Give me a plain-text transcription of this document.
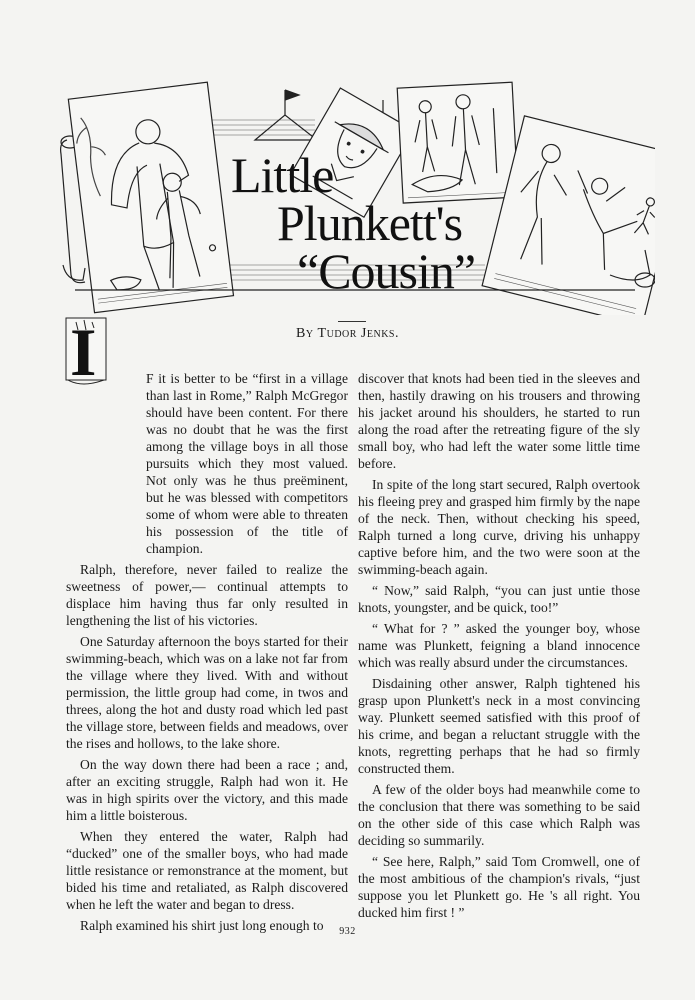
Little
Plunkett's
“Cousin”
By Tudor Jenks.
I	F it is better to be “first in a village than last in Rome,” Ralph McGregor should have been content. For there was no doubt that he was the first among the village boys in all those pursuits which they most valued. Not only was he thus preëminent, but he was blessed with competitors some of whom were able to threaten his possession of the title of champion.

Ralph, therefore, never failed to realize the sweetness of power,— continual attempts to displace him having thus far only resulted in lengthening the list of his victories.

One Saturday afternoon the boys started for their swimming-beach, which was on a lake not far from the village where they lived. With and without permission, the little group had come, in twos and threes, along the hot and dusty road which led past the village store, between fields and meadows, over the rises and hollows, to the lake shore.

On the way down there had been a race ; and, after an exciting struggle, Ralph had won it. He was in high spirits over the victory, and this made him a little boisterous.

When they entered the water, Ralph had “ducked” one of the smaller boys, who had made little resistance or remonstrance at the moment, but bided his time and retaliated, as Ralph discovered when he left the water and began to dress.

Ralph examined his shirt just long enough to

discover that knots had been tied in the sleeves and then, hastily drawing on his trousers and throwing his jacket around his shoulders, he started to run along the road after the retreating figure of the sly small boy, who had left the water some little time before.

In spite of the long start secured, Ralph overtook his fleeing prey and grasped him firmly by the nape of the neck. Then, without checking his speed, Ralph turned a long curve, driving his unhappy captive before him, and the two were soon at the swimming-beach again.

“ Now,” said Ralph, “you can just untie those knots, youngster, and be quick, too!”

“ What for ? ” asked the younger boy, whose name was Plunkett, feigning a bland innocence which was really absurd under the circumstances.

Disdaining other answer, Ralph tightened his grasp upon Plunkett's neck in a most convincing way. Plunkett seemed satisfied with this proof of his crime, and began a reluctant struggle with the knots, regretting perhaps that he had so firmly constructed them.

A few of the older boys had meanwhile come to the conclusion that there was something to be said on the other side of this case which Ralph was deciding so summarily.

“ See here, Ralph,” said Tom Cromwell, one of the most ambitious of the champion's rivals, “just suppose you let Plunkett go. He 's all right. You ducked him first ! ”

932
